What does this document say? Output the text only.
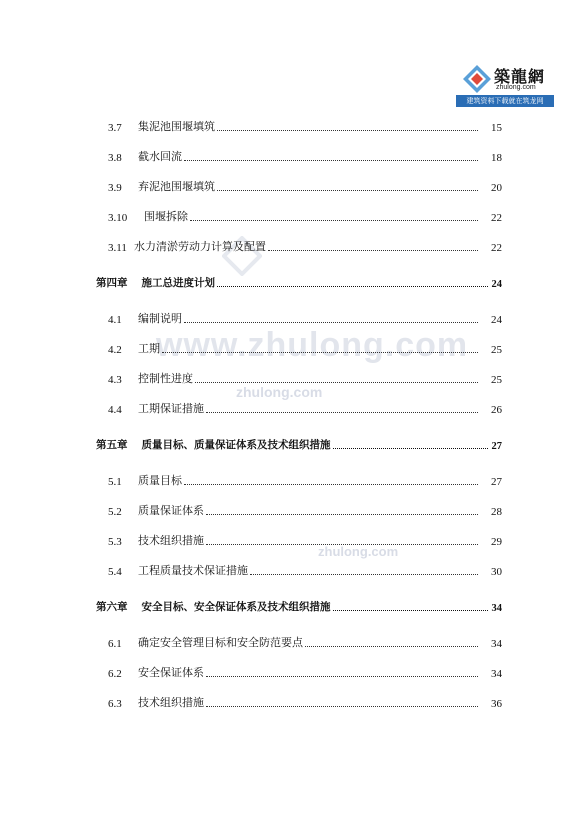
築龍網
zhulong.com
建筑资料下载就在筑龙网
www.zhulong.com
zhulong.com
zhulong.com
3.7	集泥池围堰填筑	15
3.8	截水回流	18
3.9	弃泥池围堰填筑	20
3.10	围堰拆除	22
3.11 水力清淤劳动力计算及配置	22
第四章 施工总进度计划	24
4.1	编制说明	24
4.2	工期	25
4.3	控制性进度	25
4.4	工期保证措施	26
第五章 质量目标、质量保证体系及技术组织措施	27
5.1	质量目标	27
5.2	质量保证体系	28
5.3	技术组织措施	29
5.4	工程质量技术保证措施	30
第六章 安全目标、安全保证体系及技术组织措施	34
6.1	确定安全管理目标和安全防范要点	34
6.2	安全保证体系	34
6.3	技术组织措施	36
